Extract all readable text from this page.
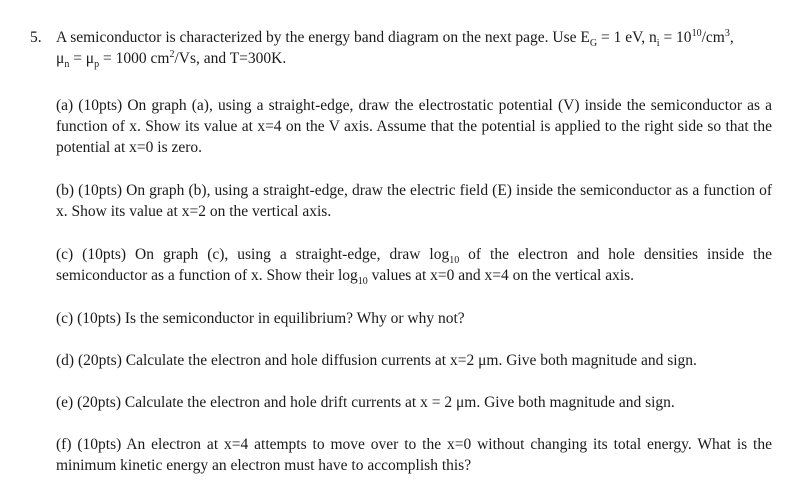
5. A semiconductor is characterized by the energy band diagram on the next page. Use $E_G = 1$ eV, $n_i = 10^{10}/cm^3$,
$\mu_n = \mu_p = 1000$ $cm^2/Vs$, and T=300K.
(a) (10pts) On graph (a), using a straight-edge, draw the electrostatic potential (V) inside the semiconductor as a function of x. Show its value at x=4 on the V axis. Assume that the potential is applied to the right side so that the potential at x=0 is zero.
(b) (10pts) On graph (b), using a straight-edge, draw the electric field (E) inside the semiconductor as a function of x. Show its value at x=2 on the vertical axis.
(c) (10pts) On graph (c), using a straight-edge, draw $\log_{10}$ of the electron and hole densities inside the semiconductor as a function of x. Show their $\log_{10}$ values at x=0 and x=4 on the vertical axis.
(c) (10pts) Is the semiconductor in equilibrium? Why or why not?
(d) (20pts) Calculate the electron and hole diffusion currents at x=2 μm. Give both magnitude and sign.
(e) (20pts) Calculate the electron and hole drift currents at x = 2 μm. Give both magnitude and sign.
(f) (10pts) An electron at x=4 attempts to move over to the x=0 without changing its total energy. What is the minimum kinetic energy an electron must have to accomplish this?
